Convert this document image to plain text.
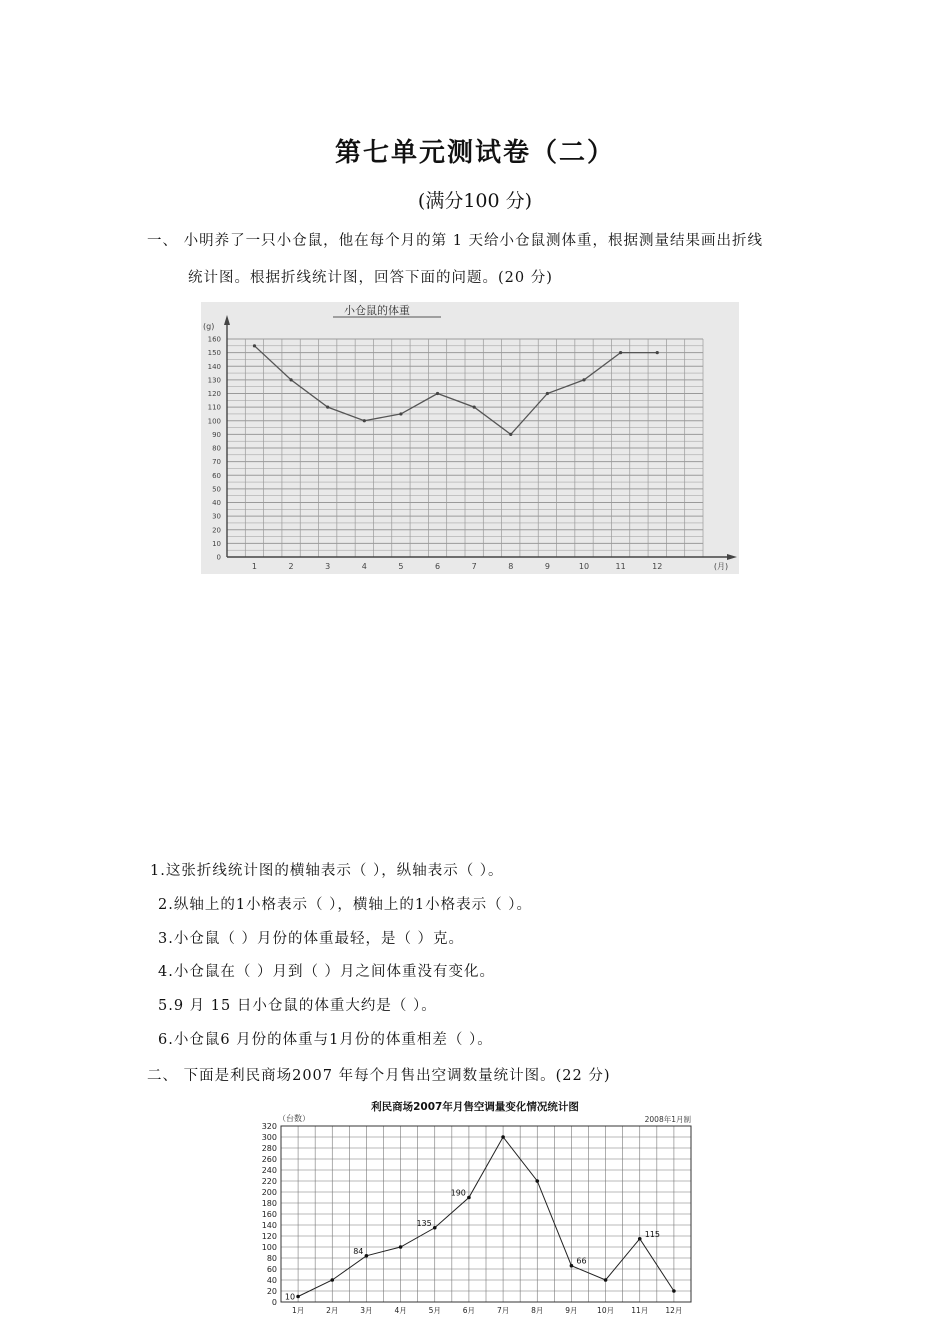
第七单元测试卷（二）
(满分100 分)
一、 小明养了一只小仓鼠，他在每个月的第 1 天给小仓鼠测体重，根据测量结果画出折线
统计图。根据折线统计图，回答下面的问题。(20 分)
小仓鼠的体重
0
10
20
30
40
50
60
70
80
90
100
110
120
130
140
150
160
(g)
1	2	3	4	5	6	7	8	9	10	11	12	(月)
1.这张折线统计图的横轴表示（ ），纵轴表示（ ）。
2.纵轴上的1小格表示（ ），横轴上的1小格表示（ ）。
3.小仓鼠（ ）月份的体重最轻，是（ ）克。
4.小仓鼠在（ ）月到（ ）月之间体重没有变化。
5.9 月 15 日小仓鼠的体重大约是（ ）。
6.小仓鼠6 月份的体重与1月份的体重相差（ ）。
二、 下面是利民商场2007 年每个月售出空调数量统计图。(22 分)
利民商场2007年月售空调量变化情况统计图
（台数）	2008年1月制
0
20
40
60
80
100
120
140
160
180
200
220
240
260
280
300
320
1月	2月	3月	4月	5月	6月	7月	8月	9月	10月 11月 12月
10
84
135
190
66
115
